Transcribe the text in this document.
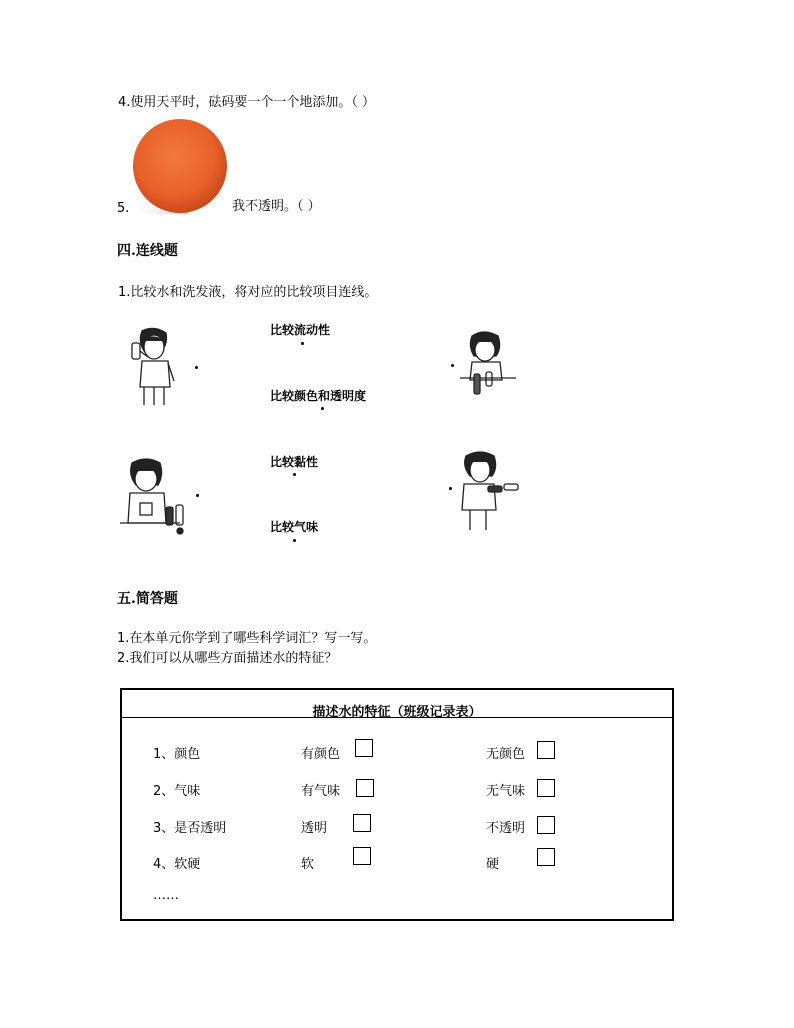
4.使用天平时，砝码要一个一个地添加。（ ）
5.	我不透明。（ ）
四.连线题
1.比较水和洗发液，将对应的比较项目连线。
比较流动性
比较颜色和透明度
比较黏性
比较气味
五.简答题
1.在本单元你学到了哪些科学词汇？写一写。
2.我们可以从哪些方面描述水的特征？
描述水的特征（班级记录表）
1、颜色	有颜色	无颜色
2、气味	有气味	无气味
3、是否透明	透明	不透明
4、软硬	软	硬
……
